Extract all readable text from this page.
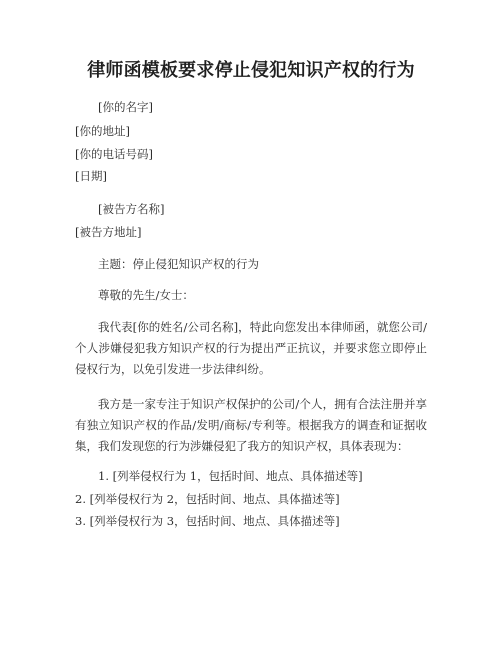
律师函模板要求停止侵犯知识产权的行为
[你的名字]
[你的地址]
[你的电话号码]
[日期]
[被告方名称]
[被告方地址]
主题：停止侵犯知识产权的行为
尊敬的先生/女士：
我代表[你的姓名/公司名称]，特此向您发出本律师函，就您公司/个人涉嫌侵犯我方知识产权的行为提出严正抗议，并要求您立即停止侵权行为，以免引发进一步法律纠纷。
我方是一家专注于知识产权保护的公司/个人，拥有合法注册并享有独立知识产权的作品/发明/商标/专利等。根据我方的调查和证据收集，我们发现您的行为涉嫌侵犯了我方的知识产权，具体表现为：
1. [列举侵权行为 1，包括时间、地点、具体描述等]
2. [列举侵权行为 2，包括时间、地点、具体描述等]
3. [列举侵权行为 3，包括时间、地点、具体描述等]
